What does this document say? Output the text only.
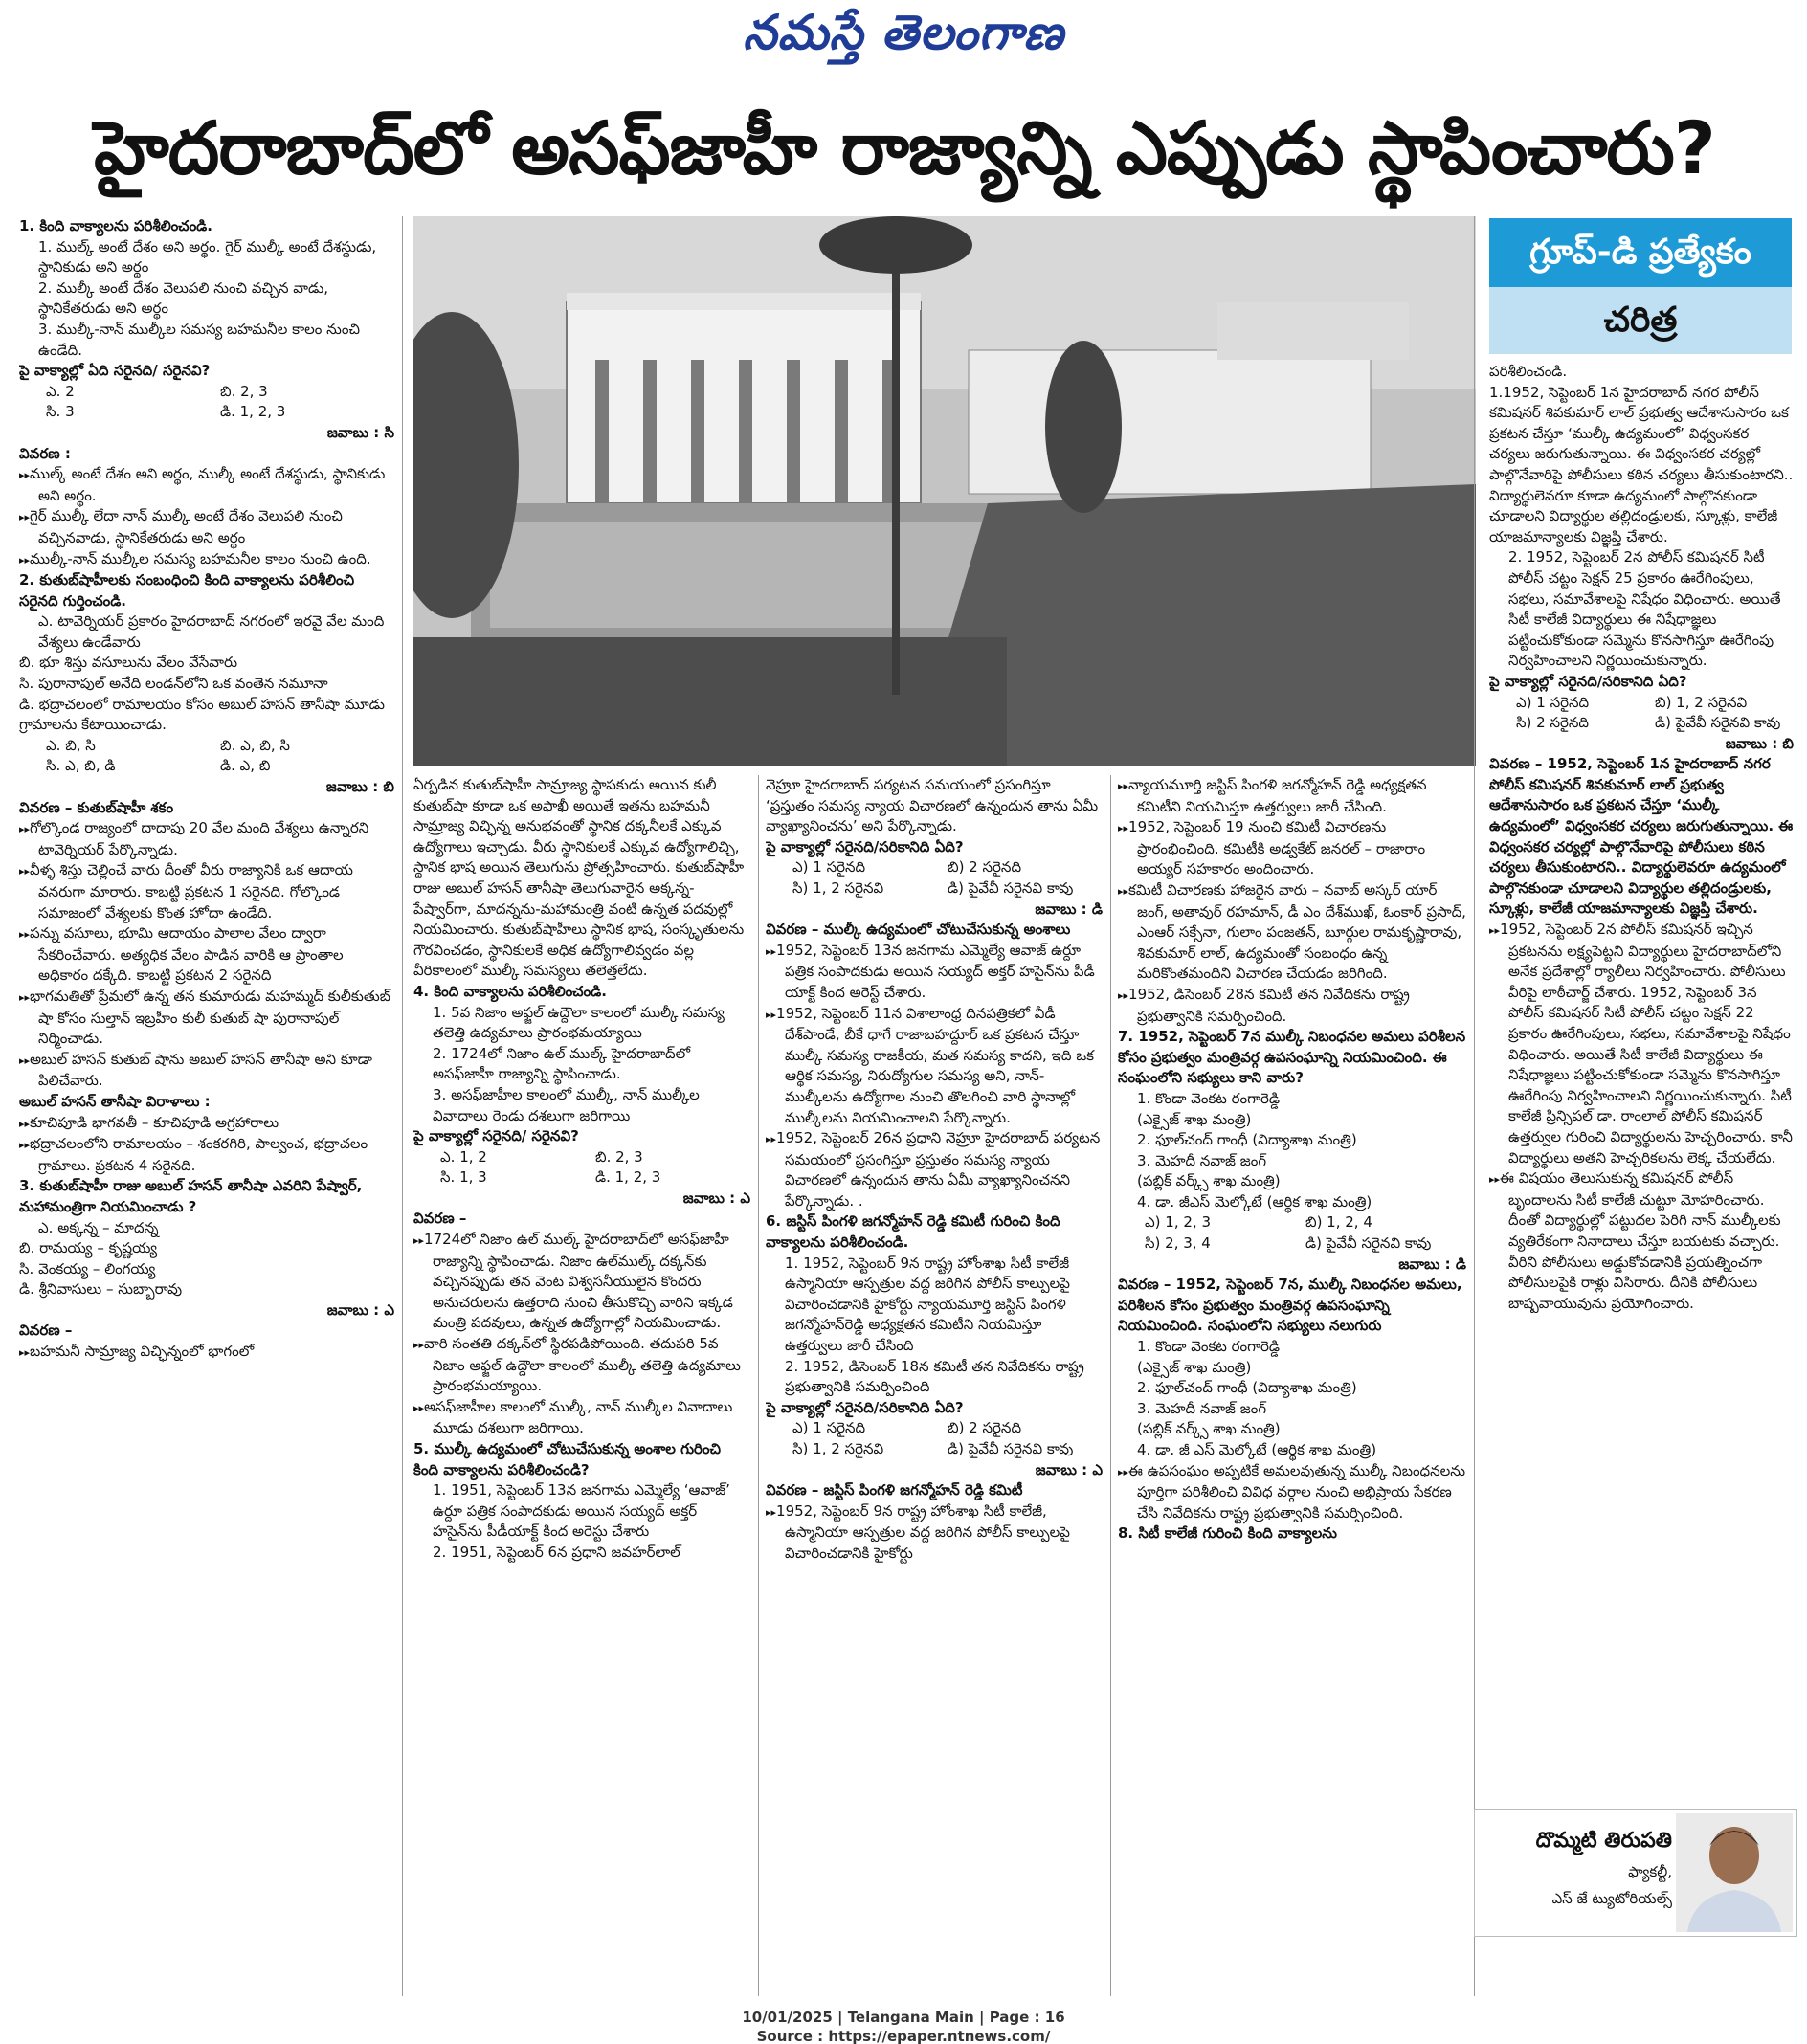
నమస్తే తెలంగాణ
హైదరాబాద్‌లో అసఫ్‌జాహీ రాజ్యాన్ని ఎప్పుడు స్థాపించారు?
1. కింది వాక్యాలను పరిశీలించండి.
1. ముల్క్‌ అంటే దేశం అని అర్థం. గైర్‌ ముల్కీ అంటే దేశస్థుడు, స్థానికుడు అని అర్థం
2. ముల్కీ అంటే దేశం వెలుపలి నుంచి వచ్చిన వాడు, స్థానికేతరుడు అని అర్థం
3. ముల్కీ-నాన్‌ ముల్కీల సమస్య బహమనీల కాలం నుంచి ఉండేది.
పై వాక్యాల్లో ఏది సరైనది/ సరైనవి?
ఎ. 2	బి. 2, 3
సి. 3	డి. 1, 2, 3
జవాబు : సి
వివరణ :
▸▸ ముల్క్‌ అంటే దేశం అని అర్థం, ముల్కీ అంటే దేశస్థుడు, స్థానికుడు అని అర్థం.
▸▸ గైర్‌ ముల్కీ లేదా నాన్‌ ముల్కీ అంటే దేశం వెలుపలి నుంచి వచ్చినవాడు, స్థానికేతరుడు అని అర్థం
▸▸ ముల్కీ-నాన్‌ ముల్కీల సమస్య బహమనీల కాలం నుంచి ఉంది.
2. కుతుబ్‌షాహీలకు సంబంధించి కింది వాక్యాలను పరిశీలించి సరైనది గుర్తించండి.
ఎ. టావెర్నియర్‌ ప్రకారం హైదరాబాద్‌ నగరంలో ఇరవై వేల మంది వేశ్యలు ఉండేవారు
బి. భూ శిస్తు వసూలును వేలం వేసేవారు
సి. పురానాపుల్‌ అనేది లండన్‌లోని ఒక వంతెన నమూనా
డి. భద్రాచలంలో రామాలయం కోసం అబుల్‌ హసన్‌ తానీషా మూడు గ్రామాలను కేటాయించాడు.
ఎ. బి, సి	బి. ఎ, బి, సి
సి. ఎ, బి, డి	డి. ఎ, బి
జవాబు : బి
వివరణ – కుతుబ్‌షాహీ శకం
▸▸ గోల్కొండ రాజ్యంలో దాదాపు 20 వేల మంది వేశ్యలు ఉన్నారని టావెర్నియర్‌ పేర్కొన్నాడు.
▸▸ వీళ్ళ శిస్తు చెల్లించే వారు దీంతో వీరు రాజ్యానికి ఒక ఆదాయ వనరుగా మారారు. కాబట్టి ప్రకటన 1 సరైనది. గోల్కొండ సమాజంలో వేశ్యలకు కొంత హోదా ఉండేది.
▸▸ పన్ను వసూలు, భూమి ఆదాయం పాలాల వేలం ద్వారా సేకరించేవారు. అత్యధిక వేలం పాడిన వారికి ఆ ప్రాంతాల అధికారం దక్కేది. కాబట్టి ప్రకటన 2 సరైనది
▸▸ భాగమతితో ప్రేమలో ఉన్న తన కుమారుడు మహమ్మద్‌ కులీకుతుబ్‌ షా కోసం సుల్తాన్‌ ఇబ్రహీం కులీ కుతుబ్‌ షా పురానాపుల్‌ నిర్మించాడు.
▸▸ అబుల్‌ హసన్‌ కుతుబ్‌ షాను అబుల్‌ హసన్‌ తానీషా అని కూడా పిలిచేవారు.
అబుల్‌ హసన్‌ తానీషా విరాళాలు :
▸▸ కూచిపూడి భాగవతీ – కూచిపూడి అగ్రహారాలు
▸▸ భద్రాచలంలోని రామాలయం – శంకరగిరి, పాల్వంచ, భద్రాచలం గ్రామాలు. ప్రకటన 4 సరైనది.
3. కుతుబ్‌షాహీ రాజు అబుల్‌ హసన్‌ తానీషా ఎవరిని పేష్వార్‌, మహామంత్రిగా నియమించాడు ?
ఎ. అక్కన్న – మాదన్న
బి. రామయ్య – కృష్ణయ్య
సి. వెంకయ్య – లింగయ్య
డి. శ్రీనివాసులు – సుబ్బారావు
జవాబు : ఎ
వివరణ –
▸▸ బహమనీ సామ్రాజ్య విచ్ఛిన్నంలో భాగంలో
ఏర్పడిన కుతుబ్‌షాహీ సామ్రాజ్య స్థాపకుడు అయిన కులీ కుతుబ్‌షా కూడా ఒక అఫాఖీ అయితే ఇతను బహమనీ సామ్రాజ్య విచ్ఛిన్న అనుభవంతో స్థానిక దక్కనీలకే ఎక్కువ ఉద్యోగాలు ఇచ్చాడు. వీరు స్థానికులకే ఎక్కువ ఉద్యోగాలిచ్చి, స్థానిక భాష అయిన తెలుగును ప్రోత్సహించారు. కుతుబ్‌షాహీ రాజు అబుల్‌ హసన్‌ తానీషా తెలుగువారైన అక్కన్న-పేష్వార్‌గా, మాదన్నను-మహామంత్రి వంటి ఉన్నత పదవుల్లో నియమించారు. కుతుబ్‌షాహీలు స్థానిక భాష, సంస్కృతులను గౌరవించడం, స్థానికులకే అధిక ఉద్యోగాలివ్వడం వల్ల వీరికాలంలో ముల్కీ సమస్యలు తలెత్తలేదు.
4. కింది వాక్యాలను పరిశీలించండి.
1. 5వ నిజాం అఫ్జల్‌ ఉద్దౌలా కాలంలో ముల్కీ సమస్య తలెత్తి ఉద్యమాలు ప్రారంభమయ్యాయి
2. 1724లో నిజాం ఉల్‌ ముల్క్‌ హైదరాబాద్‌లో అసఫ్‌జాహీ రాజ్యాన్ని స్థాపించాడు.
3. అసఫ్‌జాహీల కాలంలో ముల్కీ, నాన్‌ ముల్కీల వివాదాలు రెండు దశలుగా జరిగాయి
పై వాక్యాల్లో సరైనది/ సరైనవి?
ఎ. 1, 2	బి. 2, 3
సి. 1, 3	డి. 1, 2, 3
జవాబు : ఎ
వివరణ –
▸▸ 1724లో నిజాం ఉల్‌ ముల్క్‌ హైదరాబాద్‌లో అసఫ్‌జాహీ రాజ్యాన్ని స్థాపించాడు. నిజాం ఉల్‌ముల్క్‌ దక్కన్‌కు వచ్చినప్పుడు తన వెంట విశ్వసనీయులైన కొందరు అనుచరులను ఉత్తరాది నుంచి తీసుకొచ్చి వారిని ఇక్కడ మంత్రి పదవులు, ఉన్నత ఉద్యోగాల్లో నియమించాడు.
▸▸ వారి సంతతి దక్కన్‌లో స్థిరపడిపోయింది. తదుపరి 5వ నిజాం అఫ్జల్‌ ఉద్దౌలా కాలంలో ముల్కీ తలెత్తి ఉద్యమాలు ప్రారంభమయ్యాయి.
▸▸ అసఫ్‌జాహీల కాలంలో ముల్కీ, నాన్‌ ముల్కీల వివాదాలు మూడు దశలుగా జరిగాయి.
5. ముల్కీ ఉద్యమంలో చోటుచేసుకున్న అంశాల గురించి కింది వాక్యాలను పరిశీలించండి?
1. 1951, సెప్టెంబర్‌ 13న జనగామ ఎమ్మెల్యే ‘ఆవాజ్‌’ ఉర్దూ పత్రిక సంపాదకుడు అయిన సయ్యద్‌ అక్తర్‌ హసైన్‌ను పీడీయాక్ట్‌ కింద అరెస్టు చేశారు
2. 1951, సెప్టెంబర్‌ 6న ప్రధాని జవహర్‌లాల్‌
నెహ్రూ హైదరాబాద్‌ పర్యటన సమయంలో ప్రసంగిస్తూ ‘ప్రస్తుతం సమస్య న్యాయ విచారణలో ఉన్నందున తాను ఏమీ వ్యాఖ్యానించను’ అని పేర్కొన్నాడు.
పై వాక్యాల్లో సరైనది/సరికానిది ఏది?
ఎ) 1 సరైనది	బి) 2 సరైనది
సి) 1, 2 సరైనవి	డి) పైవేవీ సరైనవి కావు
జవాబు : డి
వివరణ – ముల్కీ ఉద్యమంలో చోటుచేసుకున్న అంశాలు
▸▸ 1952, సెప్టెంబర్‌ 13న జనగామ ఎమ్మెల్యే ఆవాజ్‌ ఉర్దూ పత్రిక సంపాదకుడు అయిన సయ్యద్‌ అక్తర్‌ హసైన్‌ను పీడీ యాక్ట్‌ కింద అరెస్ట్‌ చేశారు.
▸▸ 1952, సెప్టెంబర్‌ 11న విశాలాంధ్ర దినపత్రికలో వీడీ దేశ్‌పాండే, బీకే ధాగే రాజాబహద్దూర్‌ ఒక ప్రకటన చేస్తూ ముల్కీ సమస్య రాజకీయ, మత సమస్య కాదని, ఇది ఒక ఆర్థిక సమస్య, నిరుద్యోగుల సమస్య అని, నాన్‌-ముల్కీలను ఉద్యోగాల నుంచి తొలగించి వారి స్థానాల్లో ముల్కీలను నియమించాలని పేర్కొన్నారు.
▸▸ 1952, సెప్టెంబర్‌ 26న ప్రధాని నెహ్రూ హైదరాబాద్‌ పర్యటన సమయంలో ప్రసంగిస్తూ ప్రస్తుతం సమస్య న్యాయ విచారణలో ఉన్నందున తాను ఏమీ వ్యాఖ్యానించనని పేర్కొన్నాడు. .
6. జస్టిస్‌ పింగళి జగన్మోహన్‌ రెడ్డి కమిటీ గురించి కింది వాక్యాలను పరిశీలించండి.
1. 1952, సెప్టెంబర్‌ 9న రాష్ట్ర హోంశాఖ సిటీ కాలేజీ ఉస్మానియా ఆస్పత్రుల వద్ద జరిగిన పోలీస్‌ కాల్పులపై విచారించడానికి హైకోర్టు న్యాయమూర్తి జస్టిస్‌ పింగళి జగన్మోహన్‌రెడ్డి అధ్యక్షతన కమిటీని నియమిస్తూ ఉత్తర్వులు జారీ చేసింది
2. 1952, డిసెంబర్‌ 18న కమిటీ తన నివేదికను రాష్ట్ర ప్రభుత్వానికి సమర్పించింది
పై వాక్యాల్లో సరైనది/సరికానిది ఏది?
ఎ) 1 సరైనది	బి) 2 సరైనది
సి) 1, 2 సరైనవి	డి) పైవేవీ సరైనవి కావు
జవాబు : ఎ
వివరణ – జస్టిస్‌ పింగళి జగన్మోహన్‌ రెడ్డి కమిటీ
▸▸ 1952, సెప్టెంబర్‌ 9న రాష్ట్ర హోంశాఖ సిటీ కాలేజీ, ఉస్మానియా ఆస్పత్రుల వద్ద జరిగిన పోలీస్‌ కాల్పులపై విచారించడానికి హైకోర్టు
▸▸ న్యాయమూర్తి జస్టిస్‌ పింగళి జగన్మోహన్‌ రెడ్డి అధ్యక్షతన కమిటీని నియమిస్తూ ఉత్తర్వులు జారీ చేసింది.
▸▸ 1952, సెప్టెంబర్‌ 19 నుంచి కమిటీ విచారణను ప్రారంభించింది. కమిటీకి అడ్వకేట్‌ జనరల్‌ – రాజారాం అయ్యర్‌ సహకారం అందించారు.
▸▸ కమిటీ విచారణకు హాజరైన వారు – నవాబ్‌ అస్కర్‌ యార్‌ జంగ్‌, అతావుర్‌ రహమాన్‌, డీ ఎం దేశ్‌ముఖ్‌, ఓంకార్‌ ప్రసాద్‌, ఎంఆర్‌ సక్సేనా, గులాం పంజతన్‌, బూర్గుల రామకృష్ణారావు, శివకుమార్‌ లాల్‌, ఉద్యమంతో సంబంధం ఉన్న మరికొంతమందిని విచారణ చేయడం జరిగింది.
▸▸ 1952, డిసెంబర్‌ 28న కమిటీ తన నివేదికను రాష్ట్ర ప్రభుత్వానికి సమర్పించింది.
7. 1952, సెప్టెంబర్‌ 7న ముల్కీ నిబంధనల అమలు పరిశీలన కోసం ప్రభుత్వం మంత్రివర్గ ఉపసంఘాన్ని నియమించింది. ఈ సంఘంలోని సభ్యులు కాని వారు?
1. కొండా వెంకట రంగారెడ్డి
(ఎక్సైజ్‌ శాఖ మంత్రి)
2. ఫూల్‌చంద్‌ గాంధీ (విద్యాశాఖ మంత్రి)
3. మెహదీ నవాజ్‌ జంగ్‌
(పబ్లిక్‌ వర్క్స్‌ శాఖ మంత్రి)
4. డా. జీఎస్‌ మెల్కోటే (ఆర్థిక శాఖ మంత్రి)
ఎ) 1, 2, 3	బి) 1, 2, 4
సి) 2, 3, 4	డి) పైవేవీ సరైనవి కావు
జవాబు : డి
వివరణ – 1952, సెప్టెంబర్‌ 7న, ముల్కీ నిబంధనల అమలు, పరిశీలన కోసం ప్రభుత్వం మంత్రివర్గ ఉపసంఘాన్ని నియమించింది. సంఘంలోని సభ్యులు నలుగురు
1. కొండా వెంకట రంగారెడ్డి
(ఎక్సైజ్‌ శాఖ మంత్రి)
2. ఫూల్‌చంద్‌ గాంధీ (విద్యాశాఖ మంత్రి)
3. మెహదీ నవాజ్‌ జంగ్‌
(పబ్లిక్‌ వర్క్స్‌ శాఖ మంత్రి)
4. డా. జీ ఎస్‌ మెల్కోటే (ఆర్థిక శాఖ మంత్రి)
▸▸ ఈ ఉపసంఘం అప్పటికే అమలవుతున్న ముల్కీ నిబంధనలను పూర్తిగా పరిశీలించి వివిధ వర్గాల నుంచి అభిప్రాయ సేకరణ చేసి నివేదికను రాష్ట్ర ప్రభుత్వానికి సమర్పించింది.
8. సిటీ కాలేజీ గురించి కింది వాక్యాలను
గ్రూప్‌-డి ప్రత్యేకం
చరిత్ర
పరిశీలించండి.
1.1952, సెప్టెంబర్‌ 1న హైదరాబాద్‌ నగర పోలీస్‌ కమిషనర్‌ శివకుమార్‌ లాల్‌ ప్రభుత్వ ఆదేశానుసారం ఒక ప్రకటన చేస్తూ ‘ముల్కీ ఉద్యమంలో’ విధ్వంసకర చర్యలు జరుగుతున్నాయి. ఈ విధ్వంసకర చర్యల్లో పాల్గొనేవారిపై పోలీసులు కఠిన చర్యలు తీసుకుంటారని.. విద్యార్థులెవరూ కూడా ఉద్యమంలో పాల్గొనకుండా చూడాలని విద్యార్థుల తల్లిదండ్రులకు, స్కూళ్లు, కాలేజీ యాజమాన్యాలకు విజ్ఞప్తి చేశారు.
2. 1952, సెప్టెంబర్‌ 2న పోలీస్‌ కమిషనర్‌ సిటీ పోలీస్‌ చట్టం సెక్షన్‌ 25 ప్రకారం ఊరేగింపులు, సభలు, సమావేశాలపై నిషేధం విధించారు. అయితే సిటీ కాలేజీ విద్యార్థులు ఈ నిషేధాజ్ఞలు పట్టించుకోకుండా సమ్మెను కొనసాగిస్తూ ఊరేగింపు నిర్వహించాలని నిర్ణయించుకున్నారు.
పై వాక్యాల్లో సరైనది/సరికానిది ఏది?
ఎ) 1 సరైనది	బి) 1, 2 సరైనవి
సి) 2 సరైనది	డి) పైవేవీ సరైనవి కావు
జవాబు : బి
వివరణ – 1952, సెప్టెంబర్‌ 1న హైదరాబాద్‌ నగర పోలీస్‌ కమిషనర్‌ శివకుమార్‌ లాల్‌ ప్రభుత్వ ఆదేశానుసారం ఒక ప్రకటన చేస్తూ ‘ముల్కీ ఉద్యమంలో’ విధ్వంసకర చర్యలు జరుగుతున్నాయి. ఈ విధ్వంసకర చర్యల్లో పాల్గొనేవారిపై పోలీసులు కఠిన చర్యలు తీసుకుంటారని.. విద్యార్థులెవరూ ఉద్యమంలో పాల్గొనకుండా చూడాలని విద్యార్థుల తల్లిదండ్రులకు, స్కూళ్లు, కాలేజీ యాజమాన్యాలకు విజ్ఞప్తి చేశారు.
▸▸ 1952, సెప్టెంబర్‌ 2న పోలీస్‌ కమిషనర్‌ ఇచ్చిన ప్రకటనను లక్ష్యపెట్టని విద్యార్థులు హైదరాబాద్‌లోని అనేక ప్రదేశాల్లో ర్యాలీలు నిర్వహించారు. పోలీసులు వీరిపై లాఠీచార్జ్‌ చేశారు. 1952, సెప్టెంబర్‌ 3న పోలీస్‌ కమిషనర్‌ సిటీ పోలీస్‌ చట్టం సెక్షన్‌ 22 ప్రకారం ఊరేగింపులు, సభలు, సమావేశాలపై నిషేధం విధించారు. అయితే సిటీ కాలేజీ విద్యార్థులు ఈ నిషేధాజ్ఞలు పట్టించుకోకుండా సమ్మెను కొనసాగిస్తూ ఊరేగింపు నిర్వహించాలని నిర్ణయించుకున్నారు. సిటీ కాలేజీ ప్రిన్సిపల్‌ డా. రాంలాల్‌ పోలీస్‌ కమిషనర్‌ ఉత్తర్వుల గురించి విద్యార్థులను హెచ్చరించారు. కానీ విద్యార్థులు అతని హెచ్చరికలను లెక్క చేయలేదు.
▸▸ ఈ విషయం తెలుసుకున్న కమిషనర్‌ పోలీస్‌ బృందాలను సిటీ కాలేజీ చుట్టూ మోహరించారు. దీంతో విద్యార్థుల్లో పట్టుదల పెరిగి నాన్‌ ముల్కీలకు వ్యతిరేకంగా నినాదాలు చేస్తూ బయటకు వచ్చారు. వీరిని పోలీసులు అడ్డుకోవడానికి ప్రయత్నించగా పోలీసులపైకి రాళ్లు విసిరారు. దీనికి పోలీసులు బాష్పవాయువును ప్రయోగించారు.
దొమ్మటి తిరుపతి
ఫ్యాకల్టీ,
ఎస్‌ జే ట్యుటోరియల్స్‌
10/01/2025 | Telangana Main | Page : 16
Source : https://epaper.ntnews.com/
